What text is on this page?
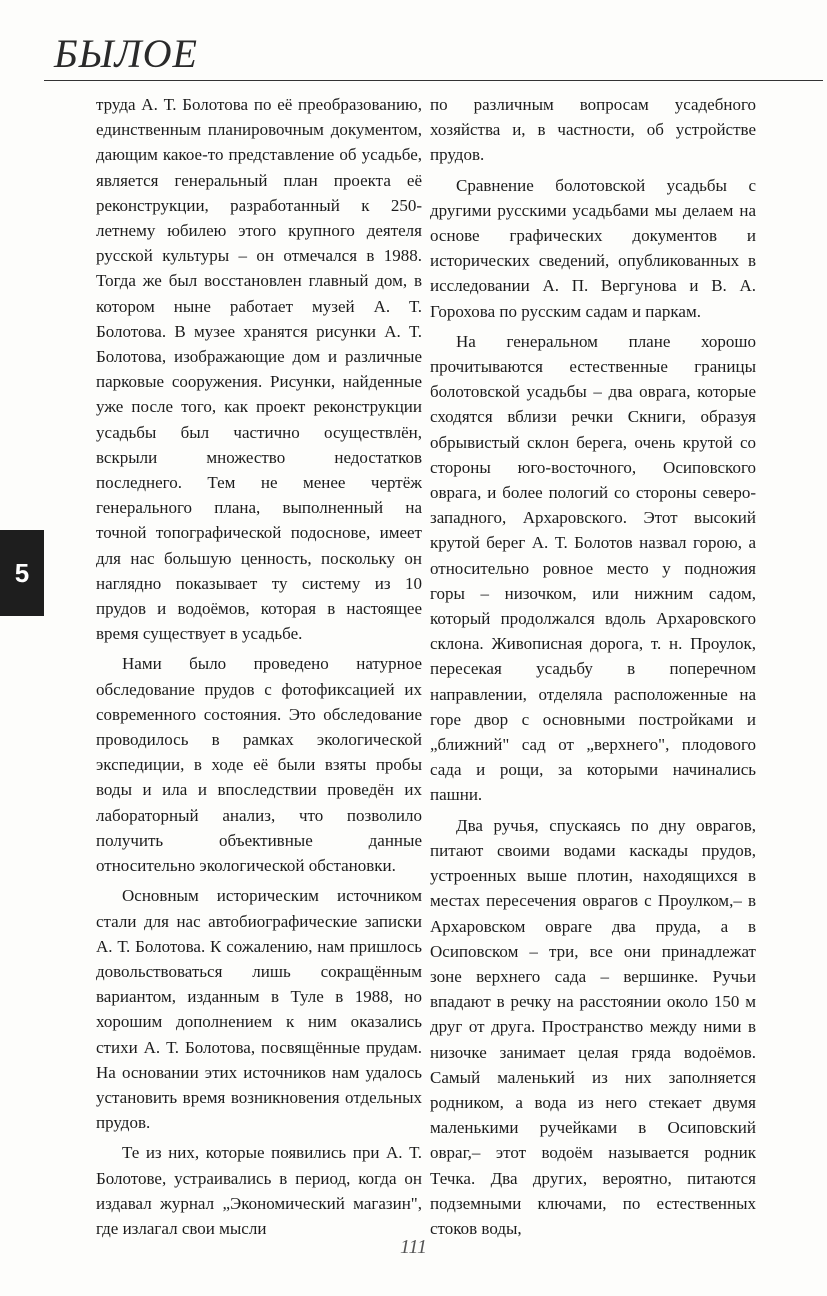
БЫЛОЕ
5

труда А. Т. Болотова по её преобразованию, единственным планировочным документом, дающим какое-то представление об усадьбе, является генеральный план проекта её реконструкции, разработанный к 250-летнему юбилею этого крупного деятеля русской культуры – он отмечался в 1988. Тогда же был восстановлен главный дом, в котором ныне работает музей А. Т. Болотова. В музее хранятся рисунки А. Т. Болотова, изображающие дом и различные парковые сооружения. Рисунки, найденные уже после того, как проект реконструкции усадьбы был частично осуществлён, вскрыли множество недостатков последнего. Тем не менее чертёж генерального плана, выполненный на точной топографической подоснове, имеет для нас большую ценность, поскольку он наглядно показывает ту систему из 10 прудов и водоёмов, которая в настоящее время существует в усадьбе.

Нами было проведено натурное обследование прудов с фотофиксацией их современного состояния. Это обследование проводилось в рамках экологической экспедиции, в ходе её были взяты пробы воды и ила и впоследствии проведён их лабораторный анализ, что позволило получить объективные данные относительно экологической обстановки.

Основным историческим источником стали для нас автобиографические записки А. Т. Болотова. К сожалению, нам пришлось довольствоваться лишь сокращённым вариантом, изданным в Туле в 1988, но хорошим дополнением к ним оказались стихи А. Т. Болотова, посвящённые прудам. На основании этих источников нам удалось установить время возникновения отдельных прудов.

Те из них, которые появились при А. Т. Болотове, устраивались в период, когда он издавал журнал „Экономический магазин", где излагал свои мысли

по различным вопросам усадебного хозяйства и, в частности, об устройстве прудов.

Сравнение болотовской усадьбы с другими русскими усадьбами мы делаем на основе графических документов и исторических сведений, опубликованных в исследовании А. П. Вергунова и В. А. Горохова по русским садам и паркам.

На генеральном плане хорошо прочитываются естественные границы болотовской усадьбы – два оврага, которые сходятся вблизи речки Скниги, образуя обрывистый склон берега, очень крутой со стороны юго-восточного, Осиповского оврага, и более пологий со стороны северо-западного, Архаровского. Этот высокий крутой берег А. Т. Болотов назвал горою, а относительно ровное место у подножия горы – низочком, или нижним садом, который продолжался вдоль Архаровского склона. Живописная дорога, т. н. Проулок, пересекая усадьбу в поперечном направлении, отделяла расположенные на горе двор с основными постройками и „ближний" сад от „верхнего", плодового сада и рощи, за которыми начинались пашни.

Два ручья, спускаясь по дну оврагов, питают своими водами каскады прудов, устроенных выше плотин, находящихся в местах пересечения оврагов с Проулком,– в Архаровском овраге два пруда, а в Осиповском – три, все они принадлежат зоне верхнего сада – вершинке. Ручьи впадают в речку на расстоянии около 150 м друг от друга. Пространство между ними в низочке занимает целая гряда водоёмов. Самый маленький из них заполняется родником, а вода из него стекает двумя маленькими ручейками в Осиповский овраг,– этот водоём называется родник Течка. Два других, вероятно, питаются подземными ключами, по естественных стоков воды,

111
